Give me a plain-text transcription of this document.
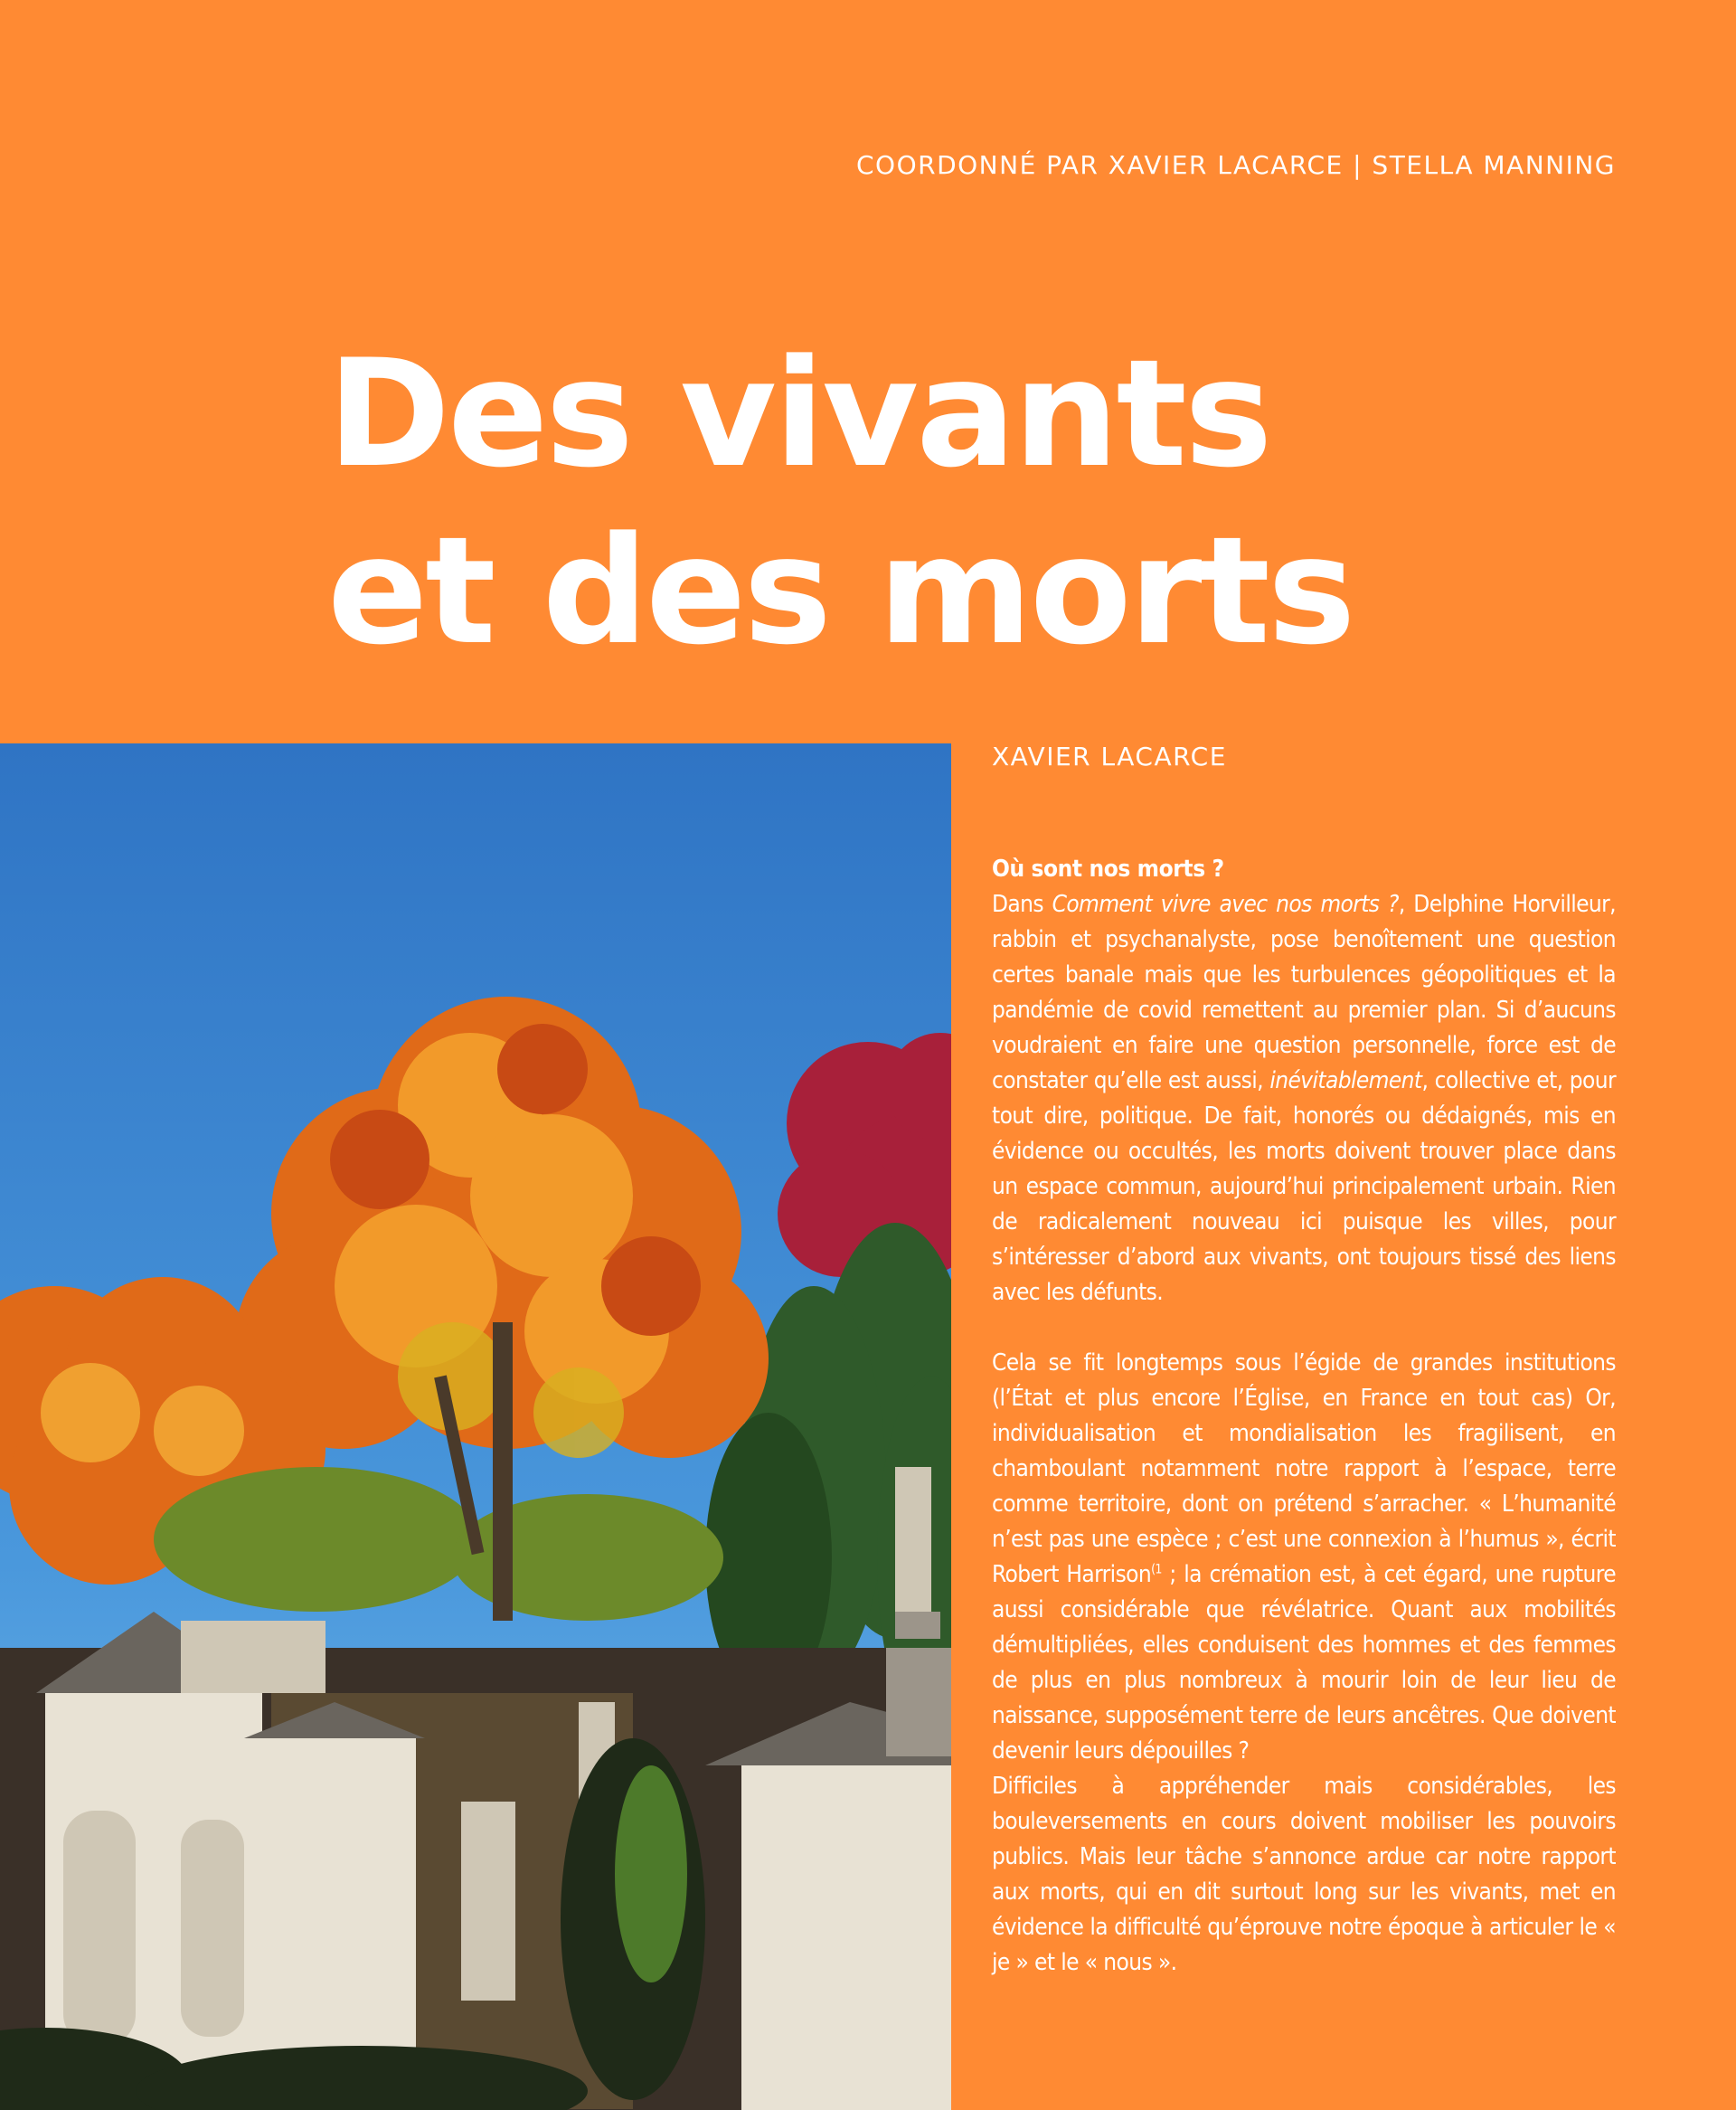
COORDONNÉ PAR XAVIER LACARCE | STELLA MANNING
Des vivants
et des morts
XAVIER LACARCE
Où sont nos morts ?

Dans Comment vivre avec nos morts ?, Delphine Horvilleur, rabbin et psychanalyste, pose benoîtement une question certes banale mais que les turbulences géopolitiques et la pandémie de covid remettent au premier plan. Si d’aucuns voudraient en faire une question personnelle, force est de constater qu’elle est aussi, inévitablement, collective et, pour tout dire, politique. De fait, honorés ou dédaignés, mis en évidence ou occultés, les morts doivent trouver place dans un espace commun, aujourd’hui principalement urbain. Rien de radicalement nouveau ici puisque les villes, pour s’intéresser d’abord aux vivants, ont toujours tissé des liens avec les défunts.

Cela se fit longtemps sous l’égide de grandes institutions (l’État et plus encore l’Église, en France en tout cas) Or, individualisation et mondialisation les fragilisent, en chamboulant notamment notre rapport à l’espace, terre comme territoire, dont on prétend s’arracher. « L’humanité n’est pas une espèce ; c’est une connexion à l’humus », écrit Robert Harrison$^{(1}$ ; la crémation est, à cet égard, une rupture aussi considérable que révélatrice. Quant aux mobilités démultipliées, elles conduisent des hommes et des femmes de plus en plus nombreux à mourir loin de leur lieu de naissance, supposément terre de leurs ancêtres. Que doivent devenir leurs dépouilles ?

Difficiles à appréhender mais considérables, les bouleversements en cours doivent mobiliser les pouvoirs publics. Mais leur tâche s’annonce ardue car notre rapport aux morts, qui en dit surtout long sur les vivants, met en évidence la difficulté qu’éprouve notre époque à articuler le « je » et le « nous ».
